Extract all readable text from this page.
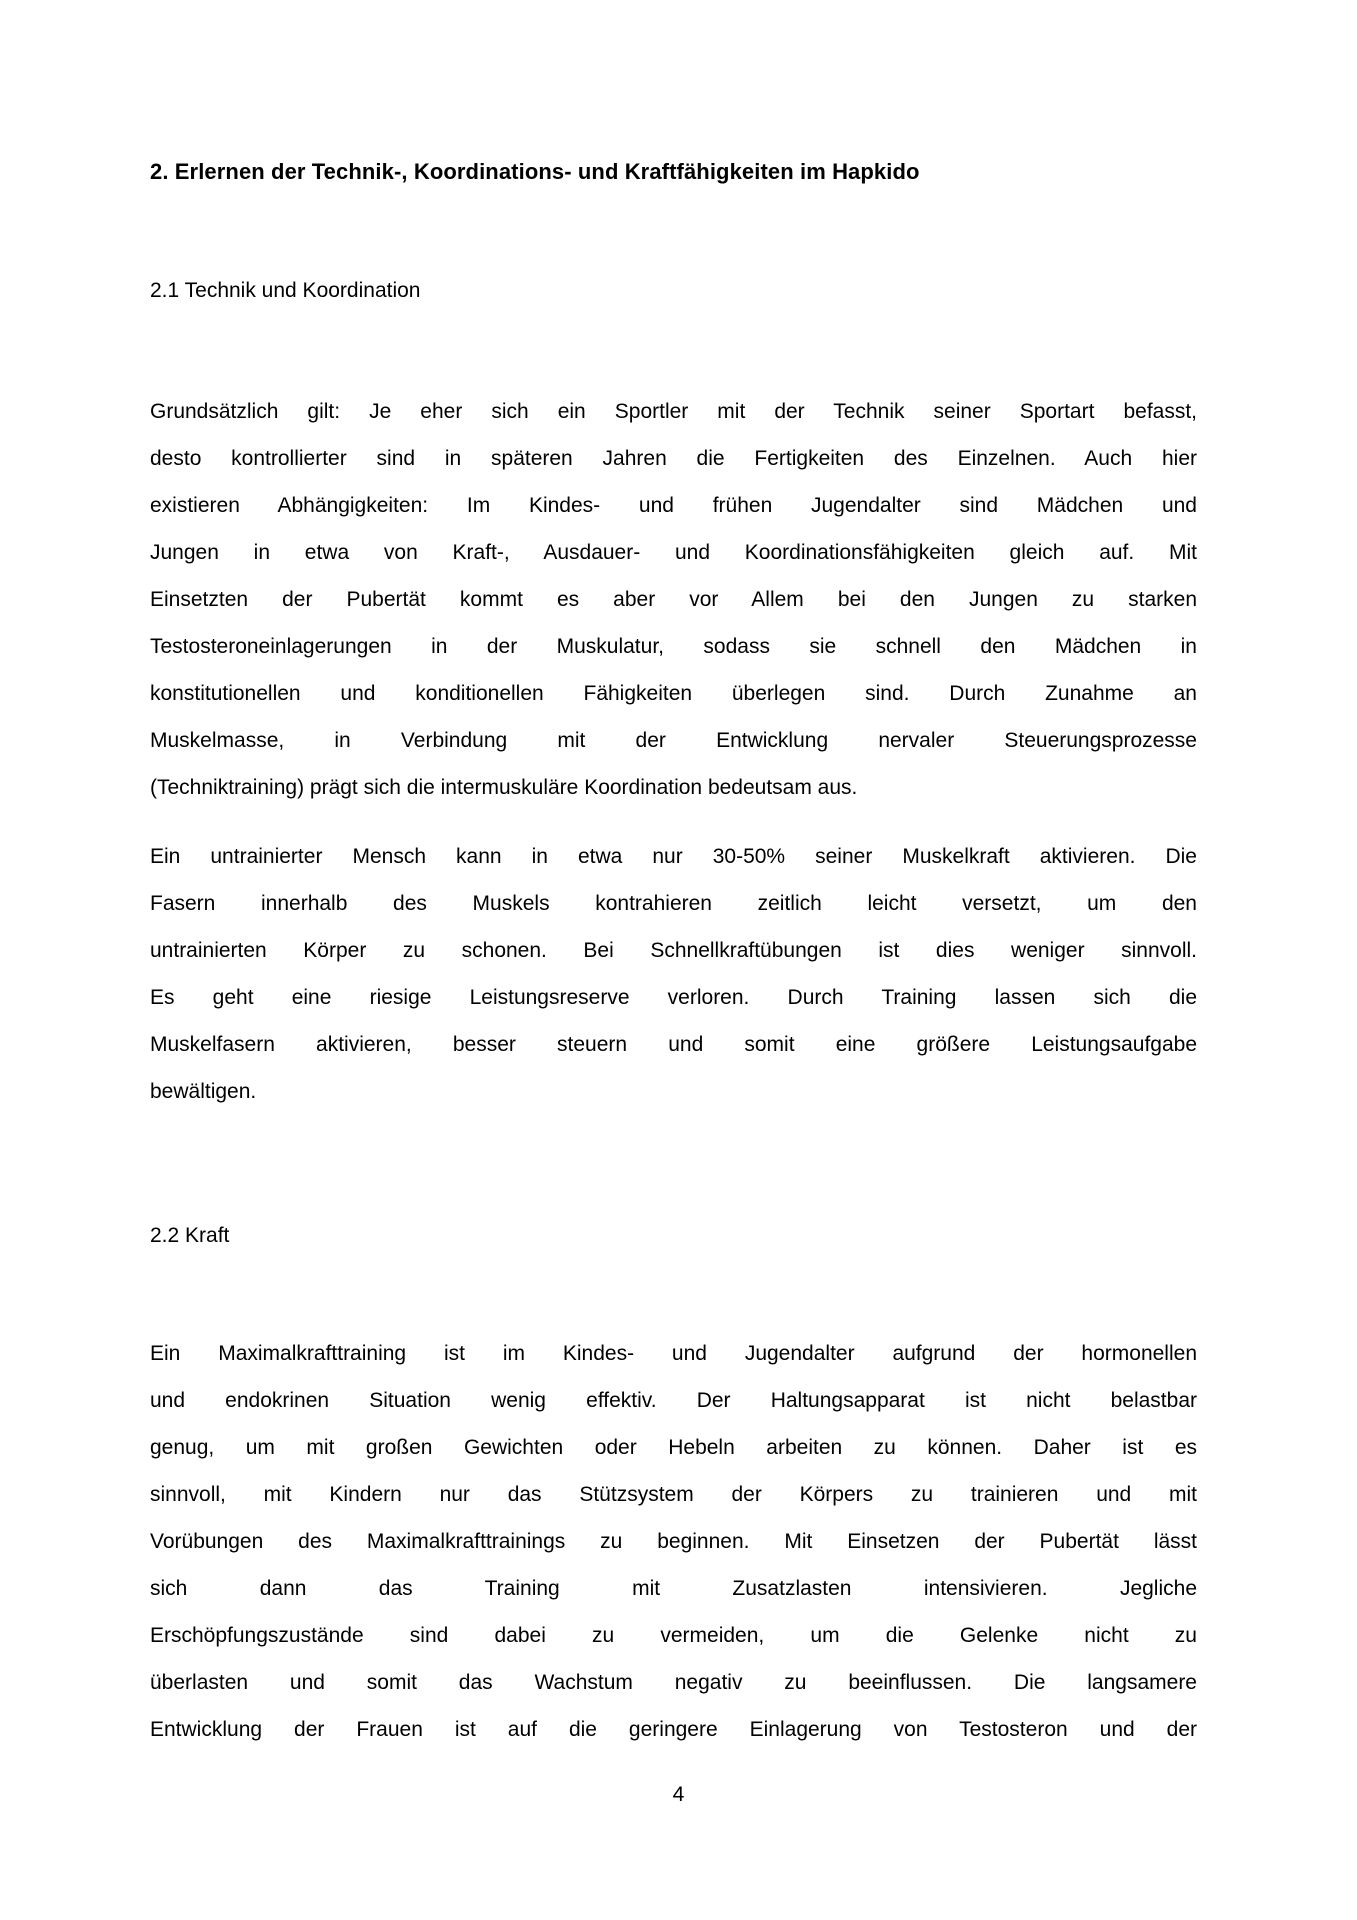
2. Erlernen der Technik-, Koordinations- und Kraftfähigkeiten im Hapkido
2.1 Technik und Koordination
Grundsätzlich gilt: Je eher sich ein Sportler mit der Technik seiner Sportart befasst,
desto kontrollierter sind in späteren Jahren die Fertigkeiten des Einzelnen. Auch hier
existieren Abhängigkeiten: Im Kindes- und frühen Jugendalter sind Mädchen und
Jungen in etwa von Kraft-, Ausdauer- und Koordinationsfähigkeiten gleich auf. Mit
Einsetzten der Pubertät kommt es aber vor Allem bei den Jungen zu starken
Testosteroneinlagerungen in der Muskulatur, sodass sie schnell den Mädchen in
konstitutionellen und konditionellen Fähigkeiten überlegen sind. Durch Zunahme an
Muskelmasse, in Verbindung mit der Entwicklung nervaler Steuerungsprozesse
(Techniktraining) prägt sich die intermuskuläre Koordination bedeutsam aus.
Ein untrainierter Mensch kann in etwa nur 30-50% seiner Muskelkraft aktivieren. Die
Fasern innerhalb des Muskels kontrahieren zeitlich leicht versetzt, um den
untrainierten Körper zu schonen. Bei Schnellkraftübungen ist dies weniger sinnvoll.
Es geht eine riesige Leistungsreserve verloren. Durch Training lassen sich die
Muskelfasern aktivieren, besser steuern und somit eine größere Leistungsaufgabe
bewältigen.
2.2 Kraft
Ein Maximalkrafttraining ist im Kindes- und Jugendalter aufgrund der hormonellen
und endokrinen Situation wenig effektiv. Der Haltungsapparat ist nicht belastbar
genug, um mit großen Gewichten oder Hebeln arbeiten zu können. Daher ist es
sinnvoll, mit Kindern nur das Stützsystem der Körpers zu trainieren und mit
Vorübungen des Maximalkrafttrainings zu beginnen. Mit Einsetzen der Pubertät lässt
sich dann das Training mit Zusatzlasten intensivieren. Jegliche
Erschöpfungszustände sind dabei zu vermeiden, um die Gelenke nicht zu
überlasten und somit das Wachstum negativ zu beeinflussen. Die langsamere
Entwicklung der Frauen ist auf die geringere Einlagerung von Testosteron und der
4
